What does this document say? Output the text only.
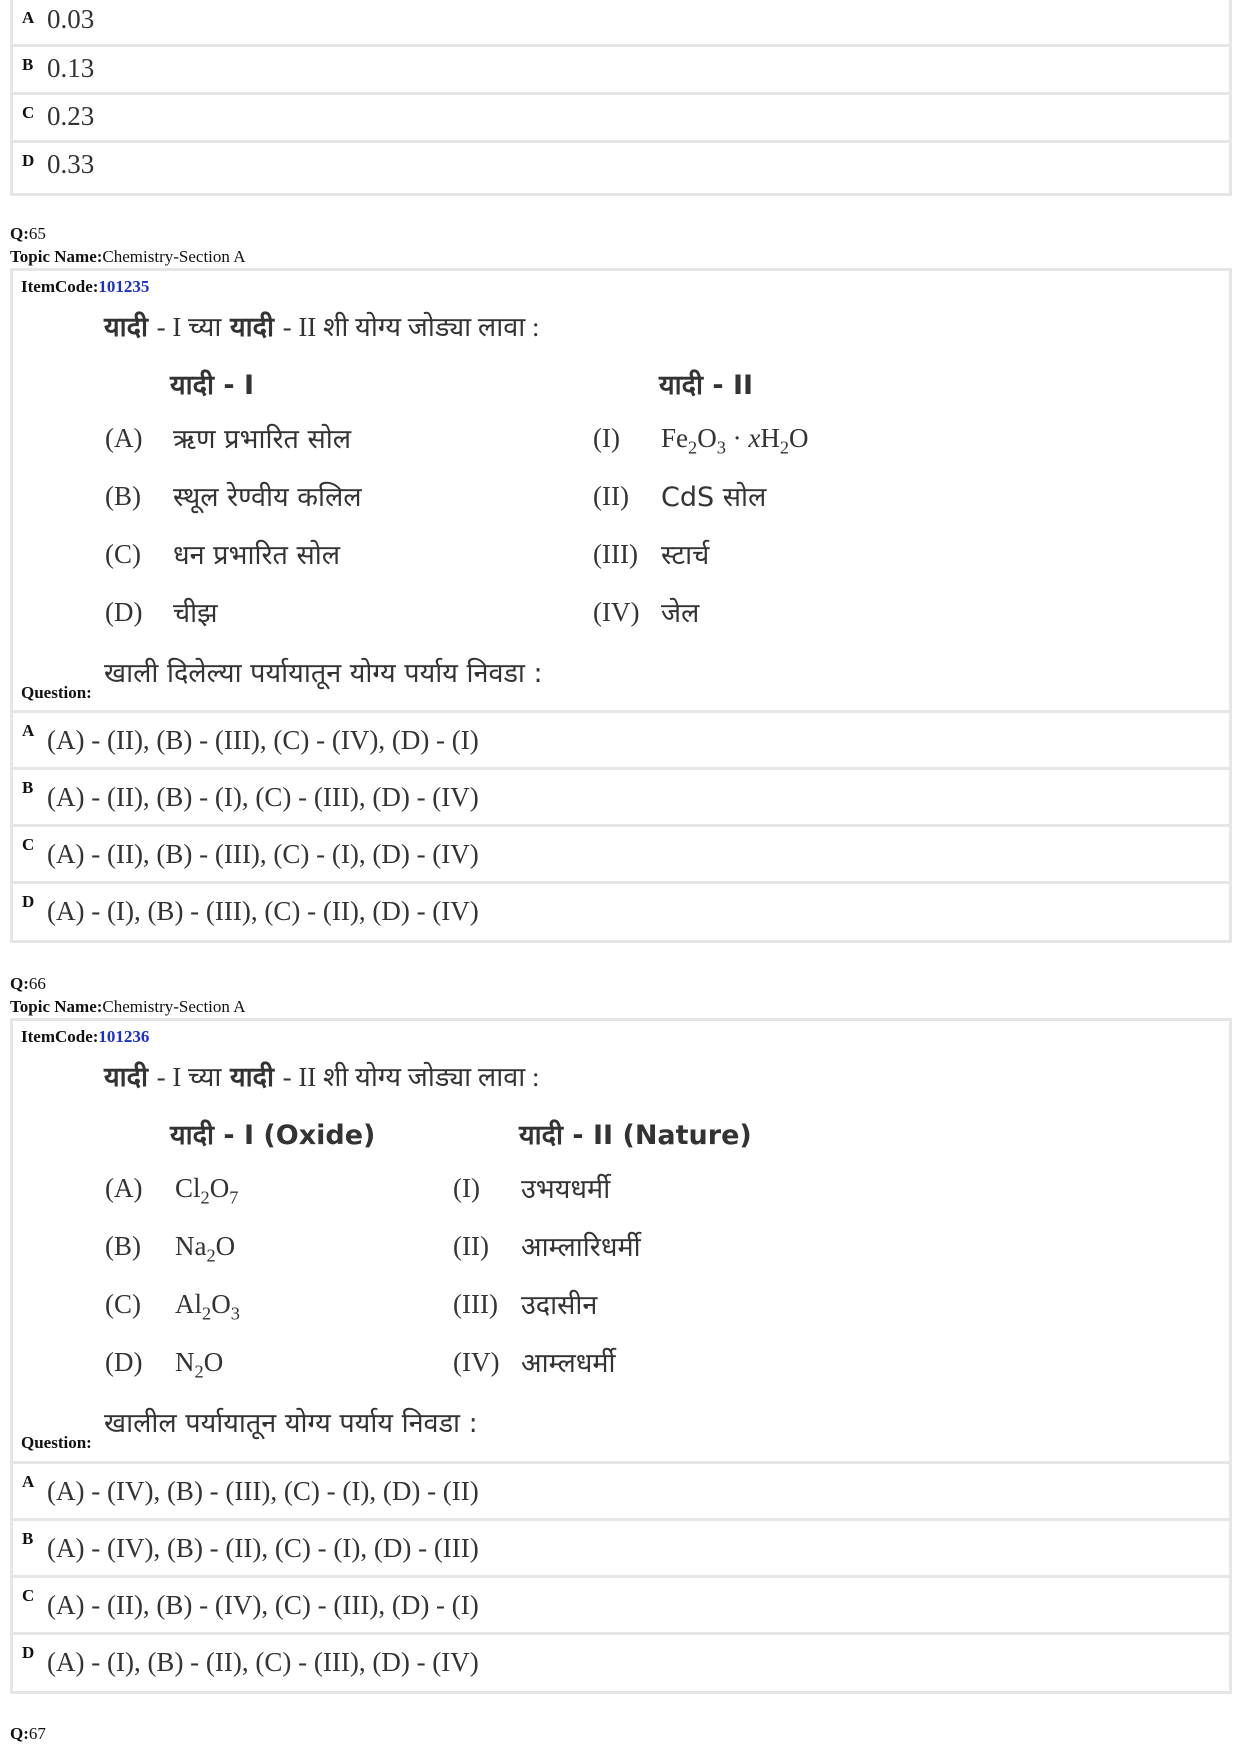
A 0.03
B 0.13
C 0.23
D 0.33
Q:65
Topic Name:Chemistry-Section A
ItemCode:101235
यादी - I च्या यादी - II शी योग्य जोड्या लावा :
यादी - I	यादी - II
(A) ऋण प्रभारित सोल
(B) स्थूल रेण्वीय कलिल
(C) धन प्रभारित सोल
(D) चीझ
(I) $Fe_2O_3 \cdot xH_2O$
(II) CdS सोल
(III) स्टार्च
(IV) जेल
Question:
खाली दिलेल्या पर्यायातून योग्य पर्याय निवडा :
A (A) - (II), (B) - (III), (C) - (IV), (D) - (I)
B (A) - (II), (B) - (I), (C) - (III), (D) - (IV)
C (A) - (II), (B) - (III), (C) - (I), (D) - (IV)
D (A) - (I), (B) - (III), (C) - (II), (D) - (IV)
Q:66
Topic Name:Chemistry-Section A
ItemCode:101236
यादी - I च्या यादी - II शी योग्य जोड्या लावा :
यादी - I (Oxide)	यादी - II (Nature)
(A) $Cl_2O_7$
(B) $Na_2O$
(C) $Al_2O_3$
(D) $N_2O$
(I) उभयधर्मी
(II) आम्लारिधर्मी
(III) उदासीन
(IV) आम्लधर्मी
Question:
खालील पर्यायातून योग्य पर्याय निवडा :
A (A) - (IV), (B) - (III), (C) - (I), (D) - (II)
B (A) - (IV), (B) - (II), (C) - (I), (D) - (III)
C (A) - (II), (B) - (IV), (C) - (III), (D) - (I)
D (A) - (I), (B) - (II), (C) - (III), (D) - (IV)
Q:67
